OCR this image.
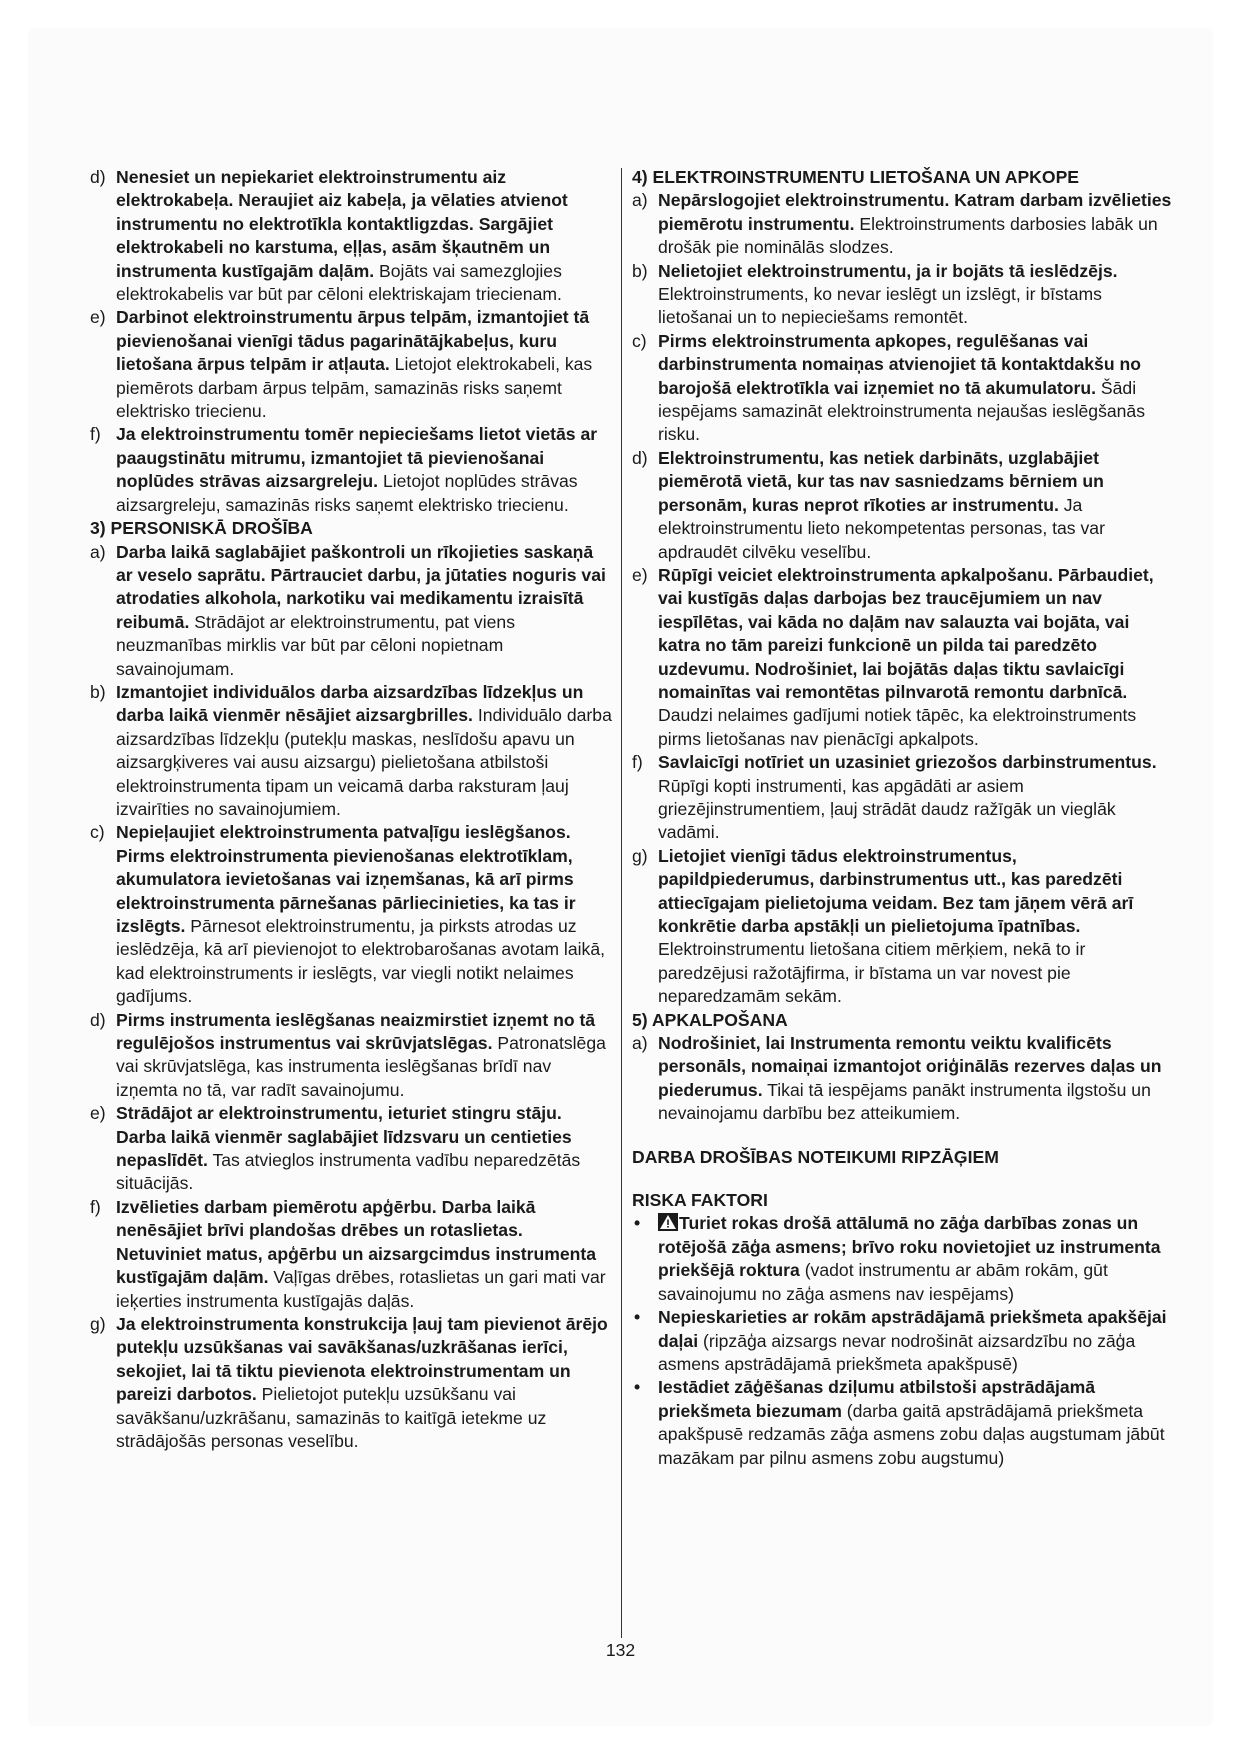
d) Nenesiet un nepiekariet elektroinstrumentu aiz elektrokabeļa. Neraujiet aiz kabeļa, ja vēlaties atvienot instrumentu no elektrotīkla kontaktligzdas. Sargājiet elektrokabeli no karstuma, eļļas, asām šķautnēm un instrumenta kustīgajām daļām. Bojāts vai samezglojies elektrokabelis var būt par cēloni elektriskajam triecienam.
e) Darbinot elektroinstrumentu ārpus telpām, izmantojiet tā pievienošanai vienīgi tādus pagarinātājkabeļus, kuru lietošana ārpus telpām ir atļauta. Lietojot elektrokabeli, kas piemērots darbam ārpus telpām, samazinās risks saņemt elektrisko triecienu.
f) Ja elektroinstrumentu tomēr nepieciešams lietot vietās ar paaugstinātu mitrumu, izmantojiet tā pievienošanai noplūdes strāvas aizsargreleju. Lietojot noplūdes strāvas aizsargreleju, samazinās risks saņemt elektrisko triecienu.
3) PERSONISKĀ DROŠĪBA
a) Darba laikā saglabājiet paškontroli un rīkojieties saskaņā ar veselo saprātu. Pārtrauciet darbu, ja jūtaties noguris vai atrodaties alkohola, narkotiku vai medikamentu izraisītā reibumā. Strādājot ar elektroinstrumentu, pat viens neuzmanības mirklis var būt par cēloni nopietnam savainojumam.
b) Izmantojiet individuālos darba aizsardzības līdzekļus un darba laikā vienmēr nēsājiet aizsargbrilles. Individuālo darba aizsardzības līdzekļu (putekļu maskas, neslīdošu apavu un aizsargķiveres vai ausu aizsargu) pielietošana atbilstoši elektroinstrumenta tipam un veicamā darba raksturam ļauj izvairīties no savainojumiem.
c) Nepieļaujiet elektroinstrumenta patvaļīgu ieslēgšanos. Pirms elektroinstrumenta pievienošanas elektrotīklam, akumulatora ievietošanas vai izņemšanas, kā arī pirms elektroinstrumenta pārnešanas pārliecinieties, ka tas ir izslēgts. Pārnesot elektroinstrumentu, ja pirksts atrodas uz ieslēdzēja, kā arī pievienojot to elektrobarošanas avotam laikā, kad elektroinstruments ir ieslēgts, var viegli notikt nelaimes gadījums.
d) Pirms instrumenta ieslēgšanas neaizmirstiet izņemt no tā regulējošos instrumentus vai skrūvjatslēgas. Patronatslēga vai skrūvjatslēga, kas instrumenta ieslēgšanas brīdī nav izņemta no tā, var radīt savainojumu.
e) Strādājot ar elektroinstrumentu, ieturiet stingru stāju. Darba laikā vienmēr saglabājiet līdzsvaru un centieties nepaslīdēt. Tas atvieglos instrumenta vadību neparedzētās situācijās.
f) Izvēlieties darbam piemērotu apģērbu. Darba laikā nenēsājiet brīvi plandošas drēbes un rotaslietas. Netuviniet matus, apģērbu un aizsargcimdus instrumenta kustīgajām daļām. Vaļīgas drēbes, rotaslietas un gari mati var ieķerties instrumenta kustīgajās daļās.
g) Ja elektroinstrumenta konstrukcija ļauj tam pievienot ārējo putekļu uzsūkšanas vai savākšanas/uzkrāšanas ierīci, sekojiet, lai tā tiktu pievienota elektroinstrumentam un pareizi darbotos. Pielietojot putekļu uzsūkšanu vai savākšanu/uzkrāšanu, samazinās to kaitīgā ietekme uz strādājošās personas veselību.
4) ELEKTROINSTRUMENTU LIETOŠANA UN APKOPE
a) Nepārslogojiet elektroinstrumentu. Katram darbam izvēlieties piemērotu instrumentu. Elektroinstruments darbosies labāk un drošāk pie nominālās slodzes.
b) Nelietojiet elektroinstrumentu, ja ir bojāts tā ieslēdzējs. Elektroinstruments, ko nevar ieslēgt un izslēgt, ir bīstams lietošanai un to nepieciešams remontēt.
c) Pirms elektroinstrumenta apkopes, regulēšanas vai darbinstrumenta nomaiņas atvienojiet tā kontaktdakšu no barojošā elektrotīkla vai izņemiet no tā akumulatoru. Šādi iespējams samazināt elektroinstrumenta nejaušas ieslēgšanās risku.
d) Elektroinstrumentu, kas netiek darbināts, uzglabājiet piemērotā vietā, kur tas nav sasniedzams bērniem un personām, kuras neprot rīkoties ar instrumentu. Ja elektroinstrumentu lieto nekompetentas personas, tas var apdraudēt cilvēku veselību.
e) Rūpīgi veiciet elektroinstrumenta apkalpošanu. Pārbaudiet, vai kustīgās daļas darbojas bez traucējumiem un nav iespīlētas, vai kāda no daļām nav salauzta vai bojāta, vai katra no tām pareizi funkcionē un pilda tai paredzēto uzdevumu. Nodrošiniet, lai bojātās daļas tiktu savlaicīgi nomainītas vai remontētas pilnvarotā remontu darbnīcā. Daudzi nelaimes gadījumi notiek tāpēc, ka elektroinstruments pirms lietošanas nav pienācīgi apkalpots.
f) Savlaicīgi notīriet un uzasiniet griezošos darbinstrumentus. Rūpīgi kopti instrumenti, kas apgādāti ar asiem griezējinstrumentiem, ļauj strādāt daudz ražīgāk un vieglāk vadāmi.
g) Lietojiet vienīgi tādus elektroinstrumentus, papildpiederumus, darbinstrumentus utt., kas paredzēti attiecīgajam pielietojuma veidam. Bez tam jāņem vērā arī konkrētie darba apstākļi un pielietojuma īpatnības. Elektroinstrumentu lietošana citiem mērķiem, nekā to ir paredzējusi ražotājfirma, ir bīstama un var novest pie neparedzamām sekām.
5) APKALPOŠANA
a) Nodrošiniet, lai Instrumenta remontu veiktu kvalificēts personāls, nomaiņai izmantojot oriģinālās rezerves daļas un piederumus. Tikai tā iespējams panākt instrumenta ilgstošu un nevainojamu darbību bez atteikumiem.
DARBA DROŠĪBAS NOTEIKUMI RIPZĀĢIEM
RISKA FAKTORI
• Turiet rokas drošā attālumā no zāģa darbības zonas un rotējošā zāģa asmens; brīvo roku novietojiet uz instrumenta priekšējā roktura (vadot instrumentu ar abām rokām, gūt savainojumu no zāģa asmens nav iespējams)
• Nepieskarieties ar rokām apstrādājamā priekšmeta apakšējai daļai (ripzāģa aizsargs nevar nodrošināt aizsardzību no zāģa asmens apstrādājamā priekšmeta apakšpusē)
• Iestādiet zāģēšanas dziļumu atbilstoši apstrādājamā priekšmeta biezumam (darba gaitā apstrādājamā priekšmeta apakšpusē redzamās zāģa asmens zobu daļas augstumam jābūt mazākam par pilnu asmens zobu augstumu)
132
